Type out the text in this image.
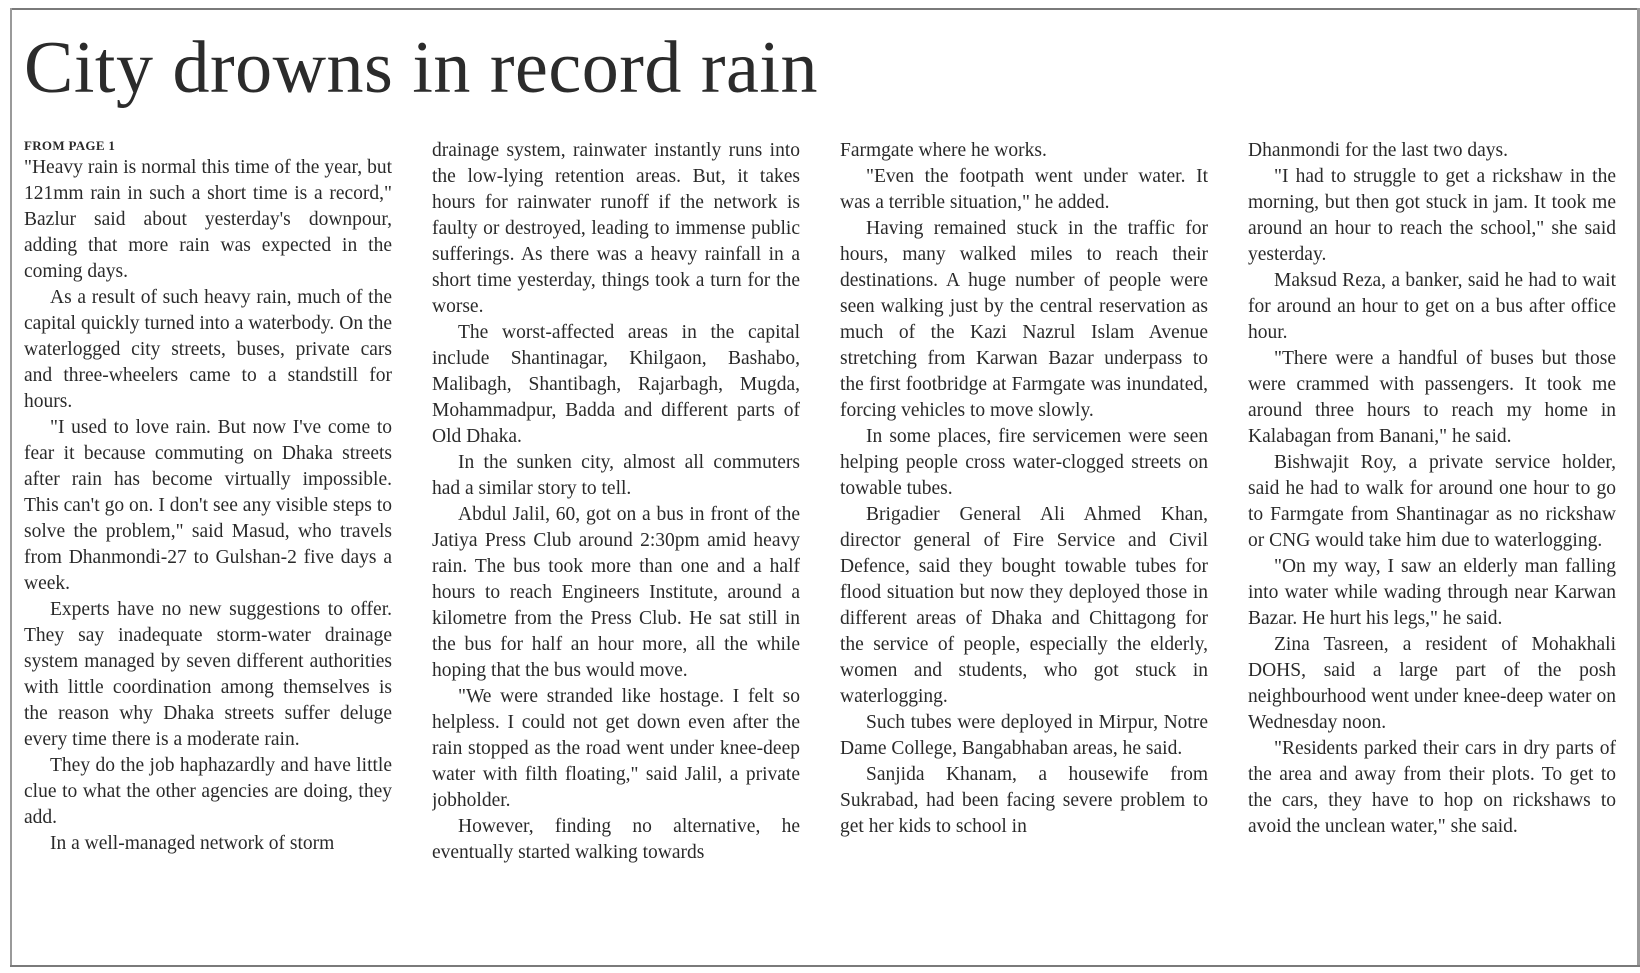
City drowns in record rain
FROM PAGE 1

"Heavy rain is normal this time of the year, but 121mm rain in such a short time is a record," Bazlur said about yesterday's downpour, adding that more rain was expected in the coming days.

As a result of such heavy rain, much of the capital quickly turned into a waterbody. On the waterlogged city streets, buses, private cars and three-wheelers came to a standstill for hours.

"I used to love rain. But now I've come to fear it because commuting on Dhaka streets after rain has become virtually impossible. This can't go on. I don't see any visible steps to solve the problem," said Masud, who travels from Dhanmondi-27 to Gulshan-2 five days a week.

Experts have no new suggestions to offer. They say inadequate storm-water drainage system managed by seven different authorities with little coordination among themselves is the reason why Dhaka streets suffer deluge every time there is a moderate rain.

They do the job haphazardly and have little clue to what the other agencies are doing, they add.

In a well-managed network of storm

drainage system, rainwater instantly runs into the low-lying retention areas. But, it takes hours for rainwater runoff if the network is faulty or destroyed, leading to immense public sufferings. As there was a heavy rainfall in a short time yesterday, things took a turn for the worse.

The worst-affected areas in the capital include Shantinagar, Khilgaon, Bashabo, Malibagh, Shantibagh, Rajarbagh, Mugda, Mohammadpur, Badda and different parts of Old Dhaka.

In the sunken city, almost all commuters had a similar story to tell.

Abdul Jalil, 60, got on a bus in front of the Jatiya Press Club around 2:30pm amid heavy rain. The bus took more than one and a half hours to reach Engineers Institute, around a kilometre from the Press Club. He sat still in the bus for half an hour more, all the while hoping that the bus would move.

"We were stranded like hostage. I felt so helpless. I could not get down even after the rain stopped as the road went under knee-deep water with filth floating," said Jalil, a private jobholder.

However, finding no alternative, he eventually started walking towards

Farmgate where he works.

"Even the footpath went under water. It was a terrible situation," he added.

Having remained stuck in the traffic for hours, many walked miles to reach their destinations. A huge number of people were seen walking just by the central reservation as much of the Kazi Nazrul Islam Avenue stretching from Karwan Bazar underpass to the first footbridge at Farmgate was inundated, forcing vehicles to move slowly.

In some places, fire servicemen were seen helping people cross water-clogged streets on towable tubes.

Brigadier General Ali Ahmed Khan, director general of Fire Service and Civil Defence, said they bought towable tubes for flood situation but now they deployed those in different areas of Dhaka and Chittagong for the service of people, especially the elderly, women and students, who got stuck in waterlogging.

Such tubes were deployed in Mirpur, Notre Dame College, Bangabhaban areas, he said.

Sanjida Khanam, a housewife from Sukrabad, had been facing severe problem to get her kids to school in

Dhanmondi for the last two days.

"I had to struggle to get a rickshaw in the morning, but then got stuck in jam. It took me around an hour to reach the school," she said yesterday.

Maksud Reza, a banker, said he had to wait for around an hour to get on a bus after office hour.

"There were a handful of buses but those were crammed with passengers. It took me around three hours to reach my home in Kalabagan from Banani," he said.

Bishwajit Roy, a private service holder, said he had to walk for around one hour to go to Farmgate from Shantinagar as no rickshaw or CNG would take him due to waterlogging.

"On my way, I saw an elderly man falling into water while wading through near Karwan Bazar. He hurt his legs," he said.

Zina Tasreen, a resident of Mohakhali DOHS, said a large part of the posh neighbourhood went under knee-deep water on Wednesday noon.

"Residents parked their cars in dry parts of the area and away from their plots. To get to the cars, they have to hop on rickshaws to avoid the unclean water," she said.
